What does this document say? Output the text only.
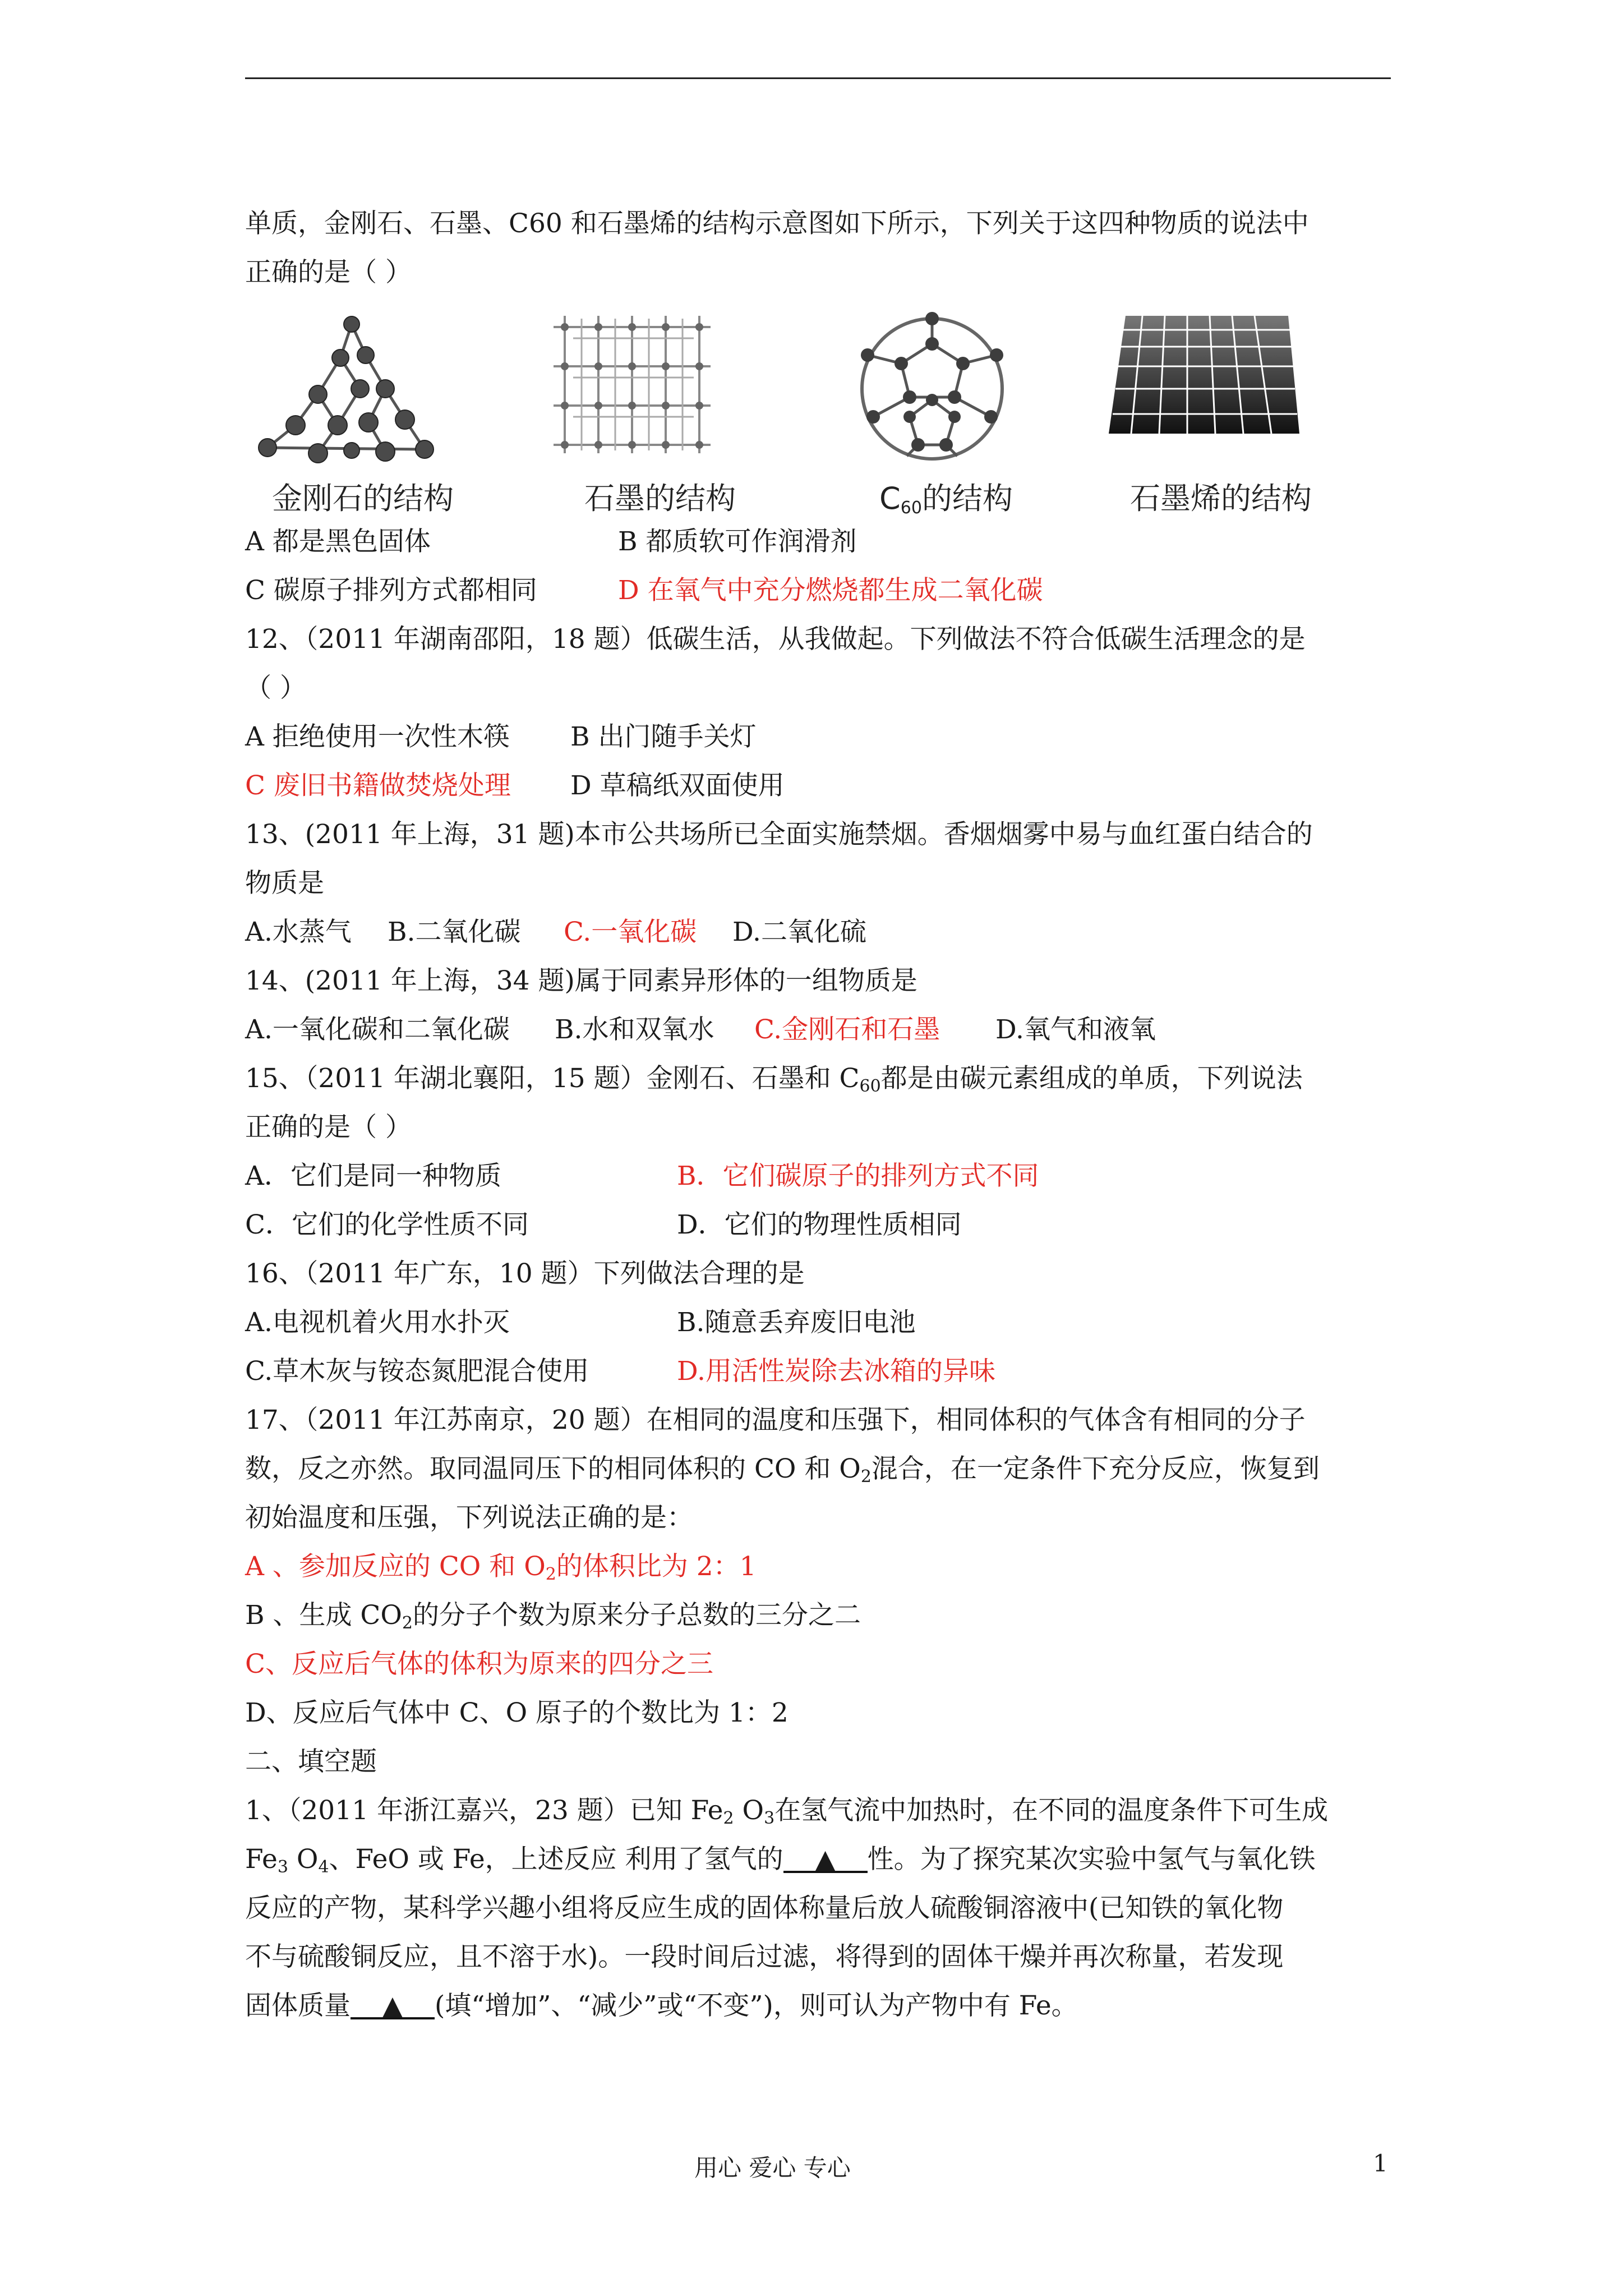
单质，金刚石、石墨、C60 和石墨烯的结构示意图如下所示，下列关于这四种物质的说法中
正确的是（ ）
金刚石的结构	石墨的结构	$C_{60}$的结构	石墨烯的结构
A 都是黑色固体	B 都质软可作润滑剂
C 碳原子排列方式都相同	D 在氧气中充分燃烧都生成二氧化碳
12、（2011 年湖南邵阳，18 题）低碳生活，从我做起。下列做法不符合低碳生活理念的是
（ ）
A 拒绝使用一次性木筷 B 出门随手关灯
C 废旧书籍做焚烧处理 D 草稿纸双面使用
13、(2011 年上海，31 题)本市公共场所已全面实施禁烟。香烟烟雾中易与血红蛋白结合的
物质是
A.水蒸气 B.二氧化碳 C.一氧化碳 D.二氧化硫
14、(2011 年上海，34 题)属于同素异形体的一组物质是
A.一氧化碳和二氧化碳 B.水和双氧水 C.金刚石和石墨 D.氧气和液氧
15、（2011 年湖北襄阳，15 题）金刚石、石墨和 $C_{60}$都是由碳元素组成的单质，下列说法
正确的是（ ）
A．它们是同一种物质	B．它们碳原子的排列方式不同
C．它们的化学性质不同	D．它们的物理性质相同
16、（2011 年广东，10 题）下列做法合理的是
A.电视机着火用水扑灭	B.随意丢弃废旧电池
C.草木灰与铵态氮肥混合使用	D.用活性炭除去冰箱的异味
17、（2011 年江苏南京，20 题）在相同的温度和压强下，相同体积的气体含有相同的分子
数，反之亦然。取同温同压下的相同体积的 CO 和 $O_2$混合，在一定条件下充分反应，恢复到
初始温度和压强，下列说法正确的是：
A 、参加反应的 CO 和 $O_2$的体积比为 2：1
B 、生成 $CO_2$的分子个数为原来分子总数的三分之二
C、反应后气体的体积为原来的四分之三
D、反应后气体中 C、O 原子的个数比为 1：2
二、填空题
1、（2011 年浙江嘉兴，23 题）已知 $Fe_2$ $O_3$在氢气流中加热时，在不同的温度条件下可生成
$Fe_3$ $O_4$、FeO 或 Fe，上述反应 利用了氢气的 ▲ 性。为了探究某次实验中氢气与氧化铁
反应的产物，某科学兴趣小组将反应生成的固体称量后放人硫酸铜溶液中(已知铁的氧化物
不与硫酸铜反应，且不溶于水)。一段时间后过滤，将得到的固体干燥并再次称量，若发现
固体质量 ▲ (填“增加”、“减少”或“不变”)，则可认为产物中有 Fe。
用心 爱心 专心	1
